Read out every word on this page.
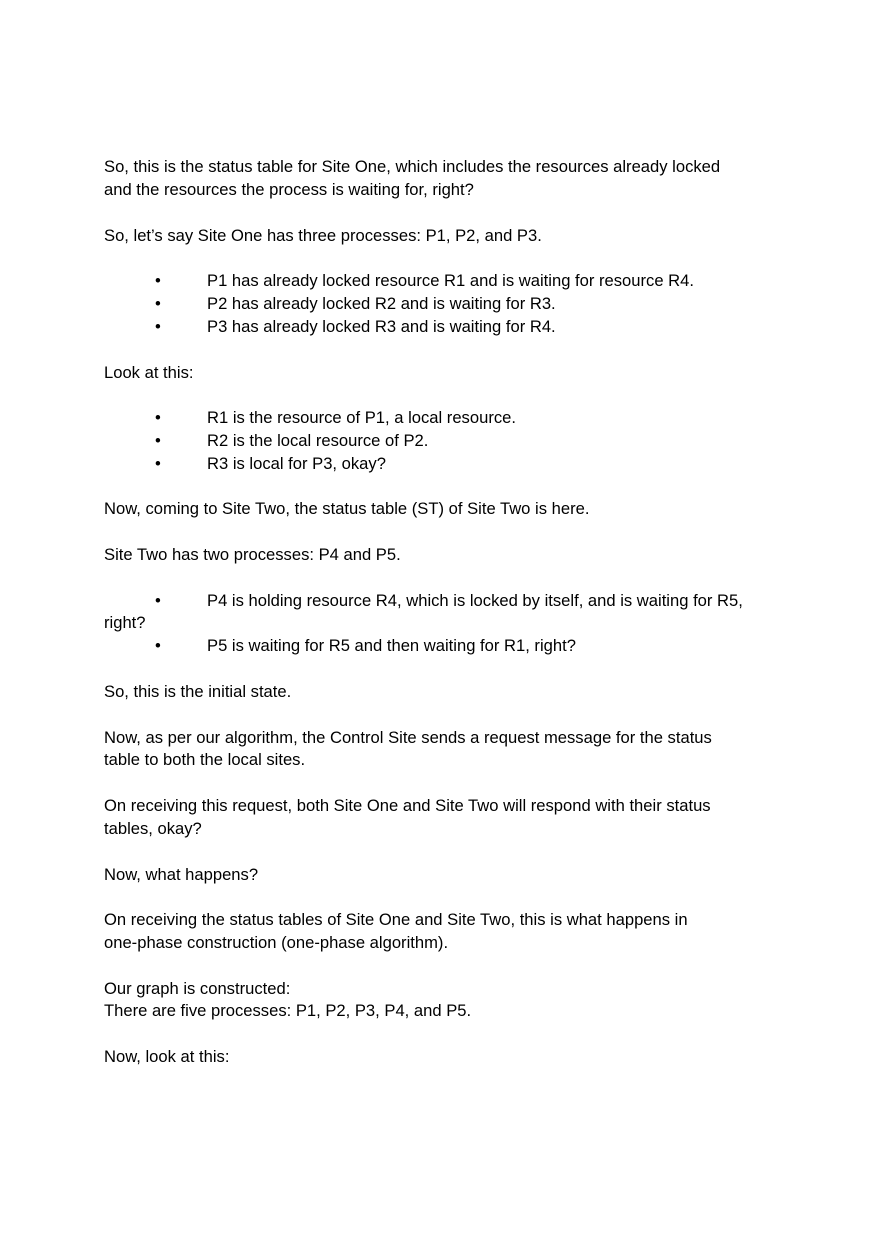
So, this is the status table for Site One, which includes the resources already locked

and the resources the process is waiting for, right?

So, let’s say Site One has three processes: P1, P2, and P3.

•	P1 has already locked resource R1 and is waiting for resource R4.
•	P2 has already locked R2 and is waiting for R3.
•	P3 has already locked R3 and is waiting for R4.

Look at this:

•	R1 is the resource of P1, a local resource.
•	R2 is the local resource of P2.
•	R3 is local for P3, okay?

Now, coming to Site Two, the status table (ST) of Site Two is here.

Site Two has two processes: P4 and P5.

•	P4 is holding resource R4, which is locked by itself, and is waiting for R5,
right?
•	P5 is waiting for R5 and then waiting for R1, right?

So, this is the initial state.

Now, as per our algorithm, the Control Site sends a request message for the status

table to both the local sites.

On receiving this request, both Site One and Site Two will respond with their status

tables, okay?

Now, what happens?

On receiving the status tables of Site One and Site Two, this is what happens in

one-phase construction (one-phase algorithm).

Our graph is constructed:

There are five processes: P1, P2, P3, P4, and P5.

Now, look at this:
